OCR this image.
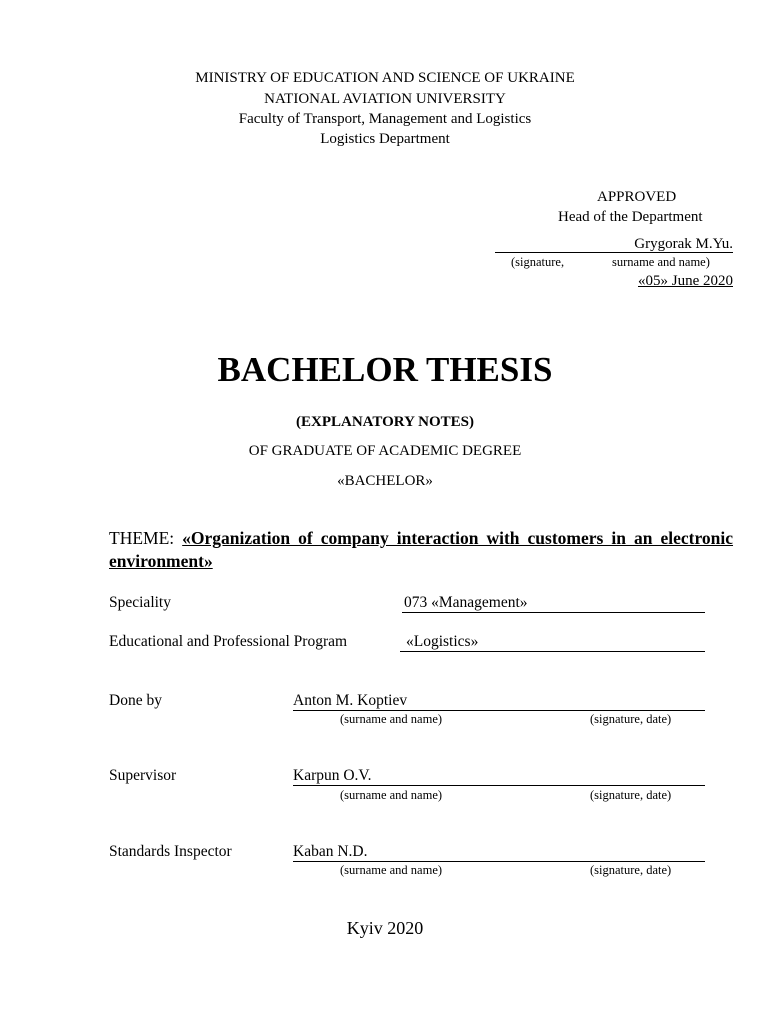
MINISTRY OF EDUCATION AND SCIENCE OF UKRAINE
NATIONAL AVIATION UNIVERSITY
Faculty of Transport, Management and Logistics
Logistics Department
APPROVED
Head of the Department
Grygorak M.Yu.
(signature,	surname and name)
«05» June 2020
BACHELOR THESIS
(EXPLANATORY NOTES)
OF GRADUATE OF ACADEMIC DEGREE
«BACHELOR»
THEME: «Organization of company interaction with customers in an electronic environment»
Speciality	073 «Management»
Educational and Professional Program	«Logistics»
Done by	Anton M. Koptiev
(surname and name)	(signature, date)
Supervisor	Karpun O.V.
(surname and name)	(signature, date)
Standards Inspector	Kaban N.D.
(surname and name)	(signature, date)
Kyiv 2020
